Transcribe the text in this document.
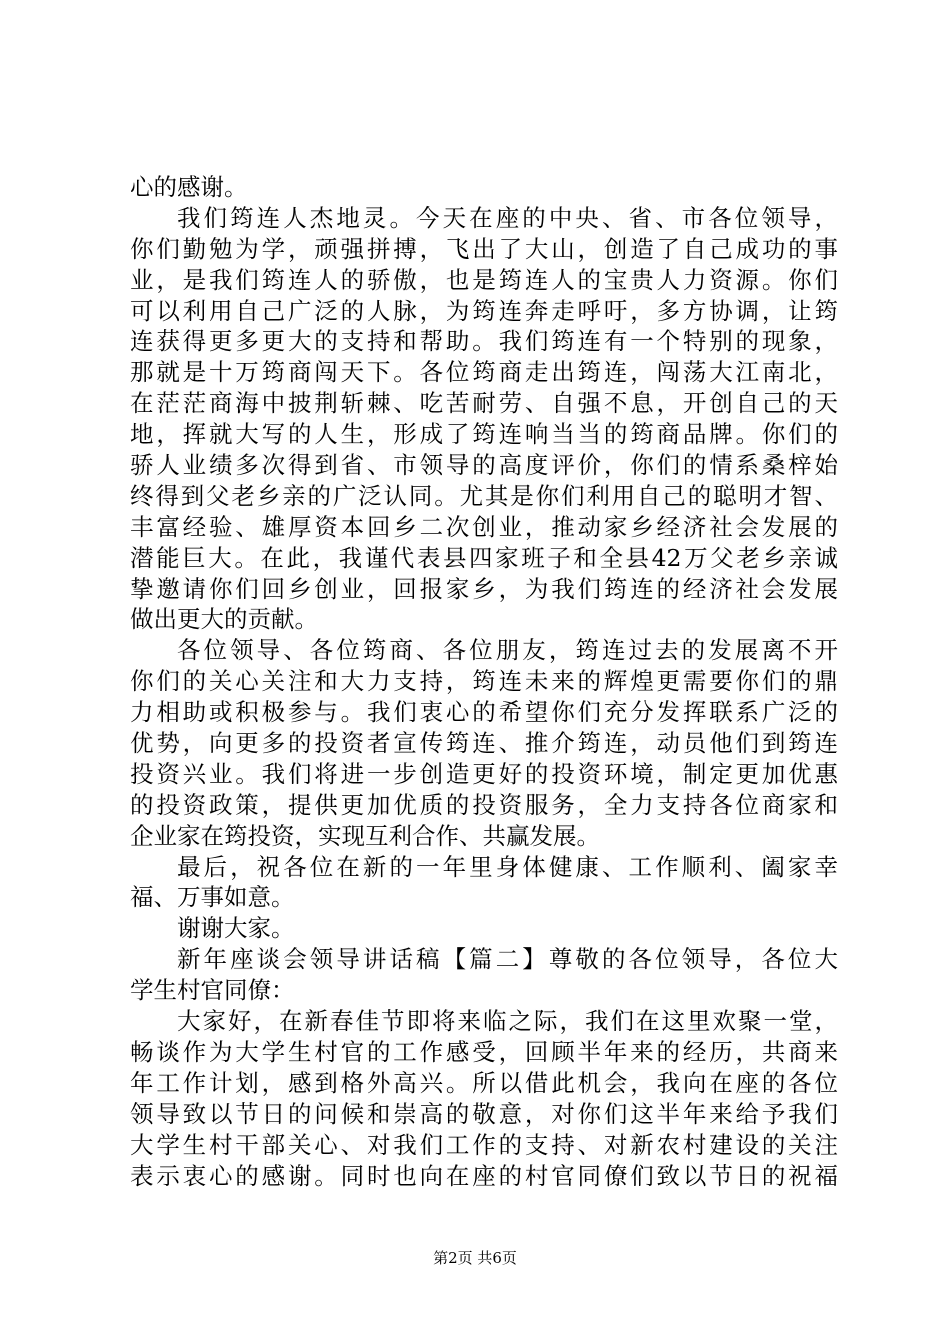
心的感谢。
我们筠连人杰地灵。今天在座的中央、省、市各位领导，
你们勤勉为学，顽强拼搏，飞出了大山，创造了自己成功的事
业，是我们筠连人的骄傲，也是筠连人的宝贵人力资源。你们
可以利用自己广泛的人脉，为筠连奔走呼吁，多方协调，让筠
连获得更多更大的支持和帮助。我们筠连有一个特别的现象，
那就是十万筠商闯天下。各位筠商走出筠连，闯荡大江南北，
在茫茫商海中披荆斩棘、吃苦耐劳、自强不息，开创自己的天
地，挥就大写的人生，形成了筠连响当当的筠商品牌。你们的
骄人业绩多次得到省、市领导的高度评价，你们的情系桑梓始
终得到父老乡亲的广泛认同。尤其是你们利用自己的聪明才智、
丰富经验、雄厚资本回乡二次创业，推动家乡经济社会发展的
潜能巨大。在此，我谨代表县四家班子和全县42万父老乡亲诚
挚邀请你们回乡创业，回报家乡，为我们筠连的经济社会发展
做出更大的贡献。
各位领导、各位筠商、各位朋友，筠连过去的发展离不开
你们的关心关注和大力支持，筠连未来的辉煌更需要你们的鼎
力相助或积极参与。我们衷心的希望你们充分发挥联系广泛的
优势，向更多的投资者宣传筠连、推介筠连，动员他们到筠连
投资兴业。我们将进一步创造更好的投资环境，制定更加优惠
的投资政策，提供更加优质的投资服务，全力支持各位商家和
企业家在筠投资，实现互利合作、共赢发展。
最后，祝各位在新的一年里身体健康、工作顺利、阖家幸
福、万事如意。
谢谢大家。
新年座谈会领导讲话稿【篇二】尊敬的各位领导，各位大
学生村官同僚：
大家好，在新春佳节即将来临之际，我们在这里欢聚一堂，
畅谈作为大学生村官的工作感受，回顾半年来的经历，共商来
年工作计划，感到格外高兴。所以借此机会，我向在座的各位
领导致以节日的问候和崇高的敬意，对你们这半年来给予我们
大学生村干部关心、对我们工作的支持、对新农村建设的关注
表示衷心的感谢。同时也向在座的村官同僚们致以节日的祝福
第2页 共6页
